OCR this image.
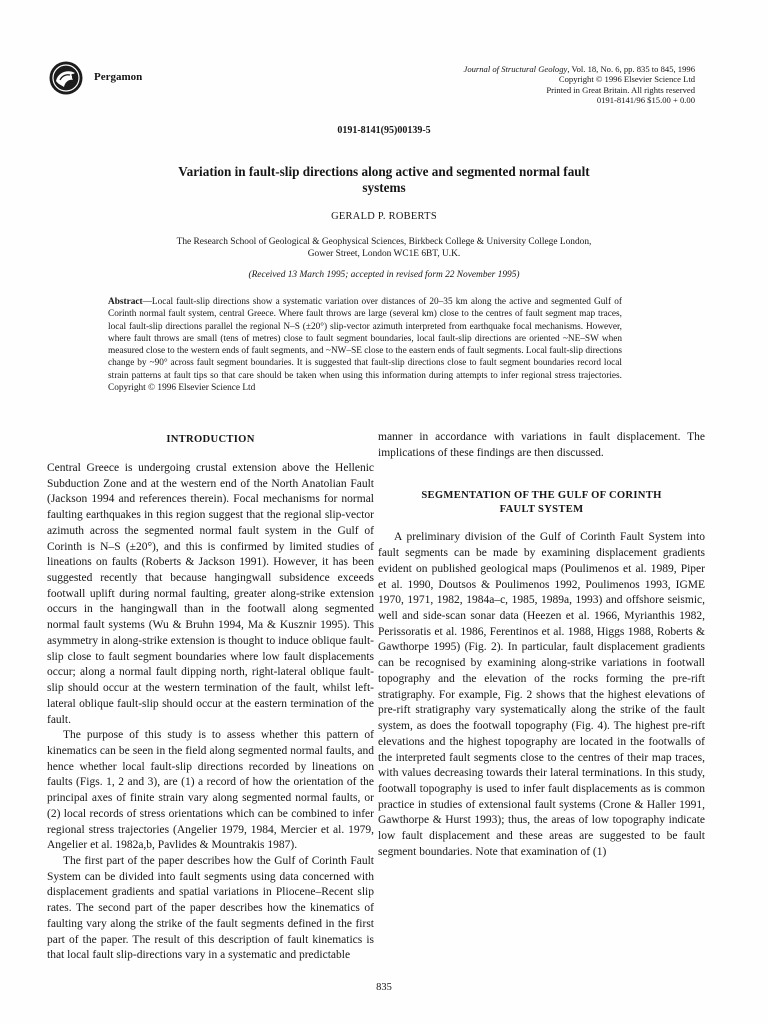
Pergamon
Journal of Structural Geology, Vol. 18, No. 6, pp. 835 to 845, 1996
Copyright © 1996 Elsevier Science Ltd
Printed in Great Britain. All rights reserved
0191-8141/96 $15.00 + 0.00
0191-8141(95)00139-5
Variation in fault-slip directions along active and segmented normal fault
systems
GERALD P. ROBERTS
The Research School of Geological & Geophysical Sciences, Birkbeck College & University College London,
Gower Street, London WC1E 6BT, U.K.
(Received 13 March 1995; accepted in revised form 22 November 1995)
Abstract—Local fault-slip directions show a systematic variation over distances of 20–35 km along the active and segmented Gulf of Corinth normal fault system, central Greece. Where fault throws are large (several km) close to the centres of fault segment map traces, local fault-slip directions parallel the regional N–S (±20°) slip-vector azimuth interpreted from earthquake focal mechanisms. However, where fault throws are small (tens of metres) close to fault segment boundaries, local fault-slip directions are oriented ~NE–SW when measured close to the western ends of fault segments, and ~NW–SE close to the eastern ends of fault segments. Local fault-slip directions change by ~90° across fault segment boundaries. It is suggested that fault-slip directions close to fault segment boundaries record local strain patterns at fault tips so that care should be taken when using this information during attempts to infer regional stress trajectories. Copyright © 1996 Elsevier Science Ltd
INTRODUCTION

Central Greece is undergoing crustal extension above the Hellenic Subduction Zone and at the western end of the North Anatolian Fault (Jackson 1994 and references therein). Focal mechanisms for normal faulting earthquakes in this region suggest that the regional slip-vector azimuth across the segmented normal fault system in the Gulf of Corinth is N–S (±20°), and this is confirmed by limited studies of lineations on faults (Roberts & Jackson 1991). However, it has been suggested recently that because hangingwall subsidence exceeds footwall uplift during normal faulting, greater along-strike extension occurs in the hangingwall than in the footwall along segmented normal fault systems (Wu & Bruhn 1994, Ma & Kusznir 1995). This asymmetry in along-strike extension is thought to induce oblique fault-slip close to fault segment boundaries where low fault displacements occur; along a normal fault dipping north, right-lateral oblique fault-slip should occur at the western termination of the fault, whilst left-lateral oblique fault-slip should occur at the eastern termination of the fault.

The purpose of this study is to assess whether this pattern of kinematics can be seen in the field along segmented normal faults, and hence whether local fault-slip directions recorded by lineations on faults (Figs. 1, 2 and 3), are (1) a record of how the orientation of the principal axes of finite strain vary along segmented normal faults, or (2) local records of stress orientations which can be combined to infer regional stress trajectories (Angelier 1979, 1984, Mercier et al. 1979, Angelier et al. 1982a,b, Pavlides & Mountrakis 1987).

The first part of the paper describes how the Gulf of Corinth Fault System can be divided into fault segments using data concerned with displacement gradients and spatial variations in Pliocene–Recent slip rates. The second part of the paper describes how the kinematics of faulting vary along the strike of the fault segments defined in the first part of the paper. The result of this description of fault kinematics is that local fault slip-directions vary in a systematic and predictable

manner in accordance with variations in fault displacement. The implications of these findings are then discussed.

SEGMENTATION OF THE GULF OF CORINTH
FAULT SYSTEM

A preliminary division of the Gulf of Corinth Fault System into fault segments can be made by examining displacement gradients evident on published geological maps (Poulimenos et al. 1989, Piper et al. 1990, Doutsos & Poulimenos 1992, Poulimenos 1993, IGME 1970, 1971, 1982, 1984a–c, 1985, 1989a, 1993) and offshore seismic, well and side-scan sonar data (Heezen et al. 1966, Myrianthis 1982, Perissoratis et al. 1986, Ferentinos et al. 1988, Higgs 1988, Roberts & Gawthorpe 1995) (Fig. 2). In particular, fault displacement gradients can be recognised by examining along-strike variations in footwall topography and the elevation of the rocks forming the pre-rift stratigraphy. For example, Fig. 2 shows that the highest elevations of pre-rift stratigraphy vary systematically along the strike of the fault system, as does the footwall topography (Fig. 4). The highest pre-rift elevations and the highest topography are located in the footwalls of the interpreted fault segments close to the centres of their map traces, with values decreasing towards their lateral terminations. In this study, footwall topography is used to infer fault displacements as is common practice in studies of extensional fault systems (Crone & Haller 1991, Gawthorpe & Hurst 1993); thus, the areas of low topography indicate low fault displacement and these areas are suggested to be fault segment boundaries. Note that examination of (1)

835
